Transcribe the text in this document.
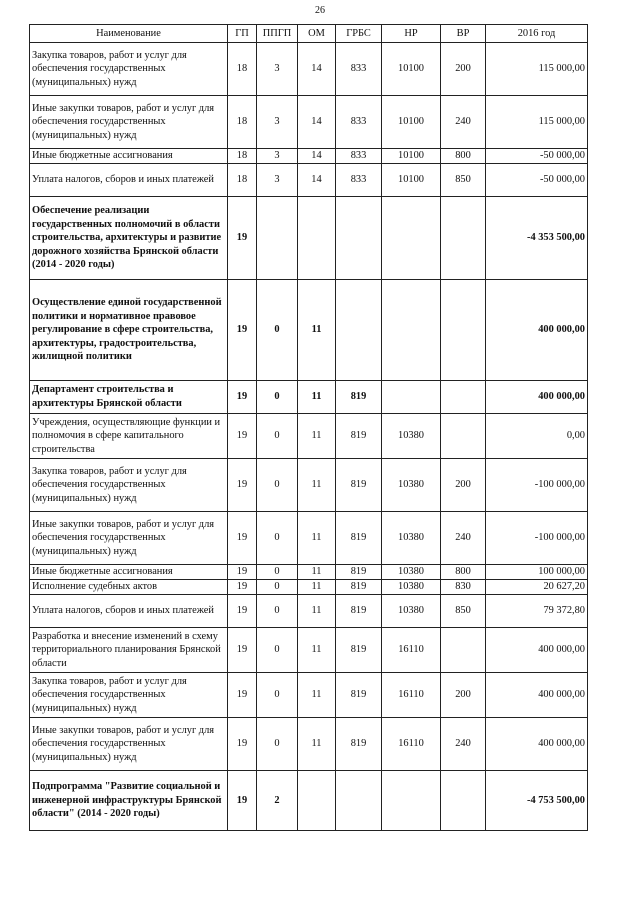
26
Наименование	ГП	ППГП	ОМ	ГРБС	НР	ВР	2016 год
Закупка товаров, работ и услуг для обеспечения государственных (муниципальных) нужд	18	3	14	833	10100	200	115 000,00
Иные закупки товаров, работ и услуг для обеспечения государственных (муниципальных) нужд	18	3	14	833	10100	240	115 000,00
Иные бюджетные ассигнования	18	3	14	833	10100	800	-50 000,00
Уплата налогов, сборов и иных платежей	18	3	14	833	10100	850	-50 000,00
Обеспечение реализации государственных полномочий в области строительства, архитектуры и развитие дорожного хозяйства Брянской области (2014 - 2020 годы)	19						-4 353 500,00
Осуществление единой государственной политики и нормативное правовое регулирование в сфере строительства, архитектуры, градостроительства, жилищной политики	19	0	11				400 000,00
Департамент строительства и архитектуры Брянской области	19	0	11	819			400 000,00
Учреждения, осуществляющие функции и полномочия в сфере капитального строительства	19	0	11	819	10380		0,00
Закупка товаров, работ и услуг для обеспечения государственных (муниципальных) нужд	19	0	11	819	10380	200	-100 000,00
Иные закупки товаров, работ и услуг для обеспечения государственных (муниципальных) нужд	19	0	11	819	10380	240	-100 000,00
Иные бюджетные ассигнования	19	0	11	819	10380	800	100 000,00
Исполнение судебных актов	19	0	11	819	10380	830	20 627,20
Уплата налогов, сборов и иных платежей	19	0	11	819	10380	850	79 372,80
Разработка и внесение изменений в схему территориального планирования Брянской области	19	0	11	819	16110		400 000,00
Закупка товаров, работ и услуг для обеспечения государственных (муниципальных) нужд	19	0	11	819	16110	200	400 000,00
Иные закупки товаров, работ и услуг для обеспечения государственных (муниципальных) нужд	19	0	11	819	16110	240	400 000,00
Подпрограмма "Развитие социальной и инженерной инфраструктуры Брянской области" (2014 - 2020 годы)	19	2					-4 753 500,00
